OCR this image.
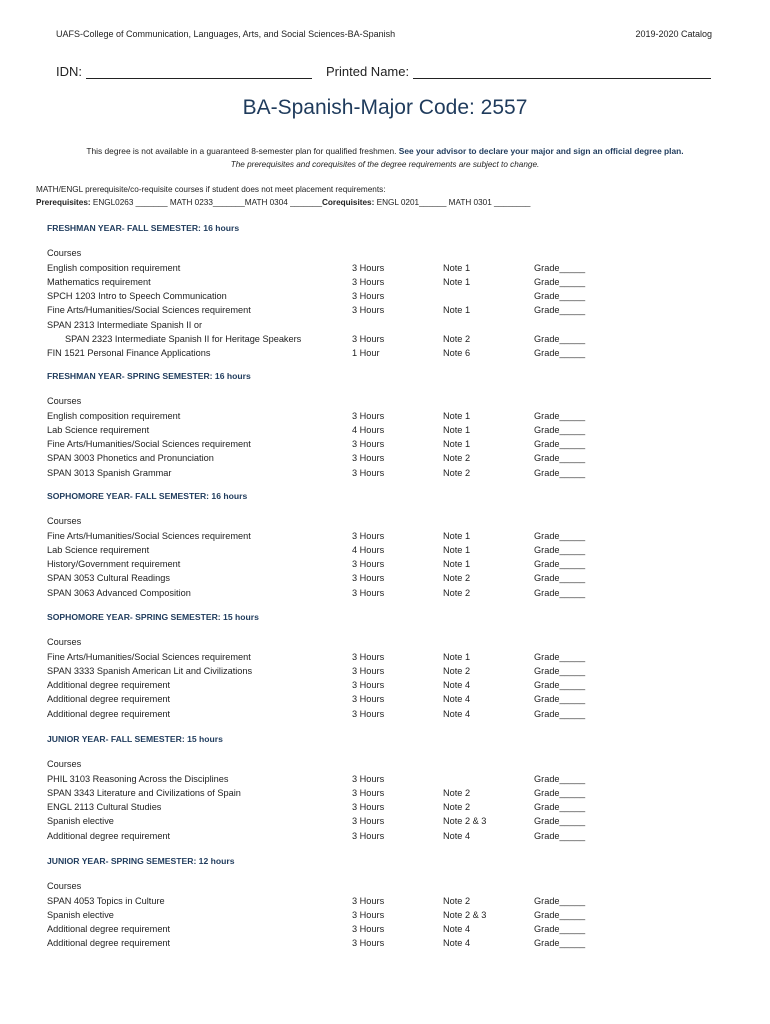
UAFS-College of Communication, Languages, Arts, and Social Sciences-BA-Spanish	2019-2020 Catalog
IDN:	Printed Name:
BA-Spanish-Major Code: 2557
This degree is not available in a guaranteed 8-semester plan for qualified freshmen. See your advisor to declare your major and sign an official degree plan.
The prerequisites and corequisites of the degree requirements are subject to change.
MATH/ENGL prerequisite/co-requisite courses if student does not meet placement requirements:
Prerequisites: ENGL0263 _______ MATH 0233_______MATH 0304 _______Corequisites: ENGL 0201______ MATH 0301 ________
FRESHMAN YEAR- FALL SEMESTER: 16 hours
Courses
English composition requirement	3 Hours	Note 1	Grade_____
Mathematics requirement	3 Hours	Note 1	Grade_____
SPCH 1203 Intro to Speech Communication	3 Hours	Grade_____
Fine Arts/Humanities/Social Sciences requirement	3 Hours	Note 1	Grade_____
SPAN 2313 Intermediate Spanish II or
SPAN 2323 Intermediate Spanish II for Heritage Speakers	3 Hours	Note 2	Grade_____
FIN 1521 Personal Finance Applications	1 Hour	Note 6	Grade_____
FRESHMAN YEAR- SPRING SEMESTER: 16 hours
Courses
English composition requirement	3 Hours	Note 1	Grade_____
Lab Science requirement	4 Hours	Note 1	Grade_____
Fine Arts/Humanities/Social Sciences requirement	3 Hours	Note 1	Grade_____
SPAN 3003 Phonetics and Pronunciation	3 Hours	Note 2	Grade_____
SPAN 3013 Spanish Grammar	3 Hours	Note 2	Grade_____
SOPHOMORE YEAR- FALL SEMESTER: 16 hours
Courses
Fine Arts/Humanities/Social Sciences requirement	3 Hours	Note 1	Grade_____
Lab Science requirement	4 Hours	Note 1	Grade_____
History/Government requirement	3 Hours	Note 1	Grade_____
SPAN 3053 Cultural Readings	3 Hours	Note 2	Grade_____
SPAN 3063 Advanced Composition	3 Hours	Note 2	Grade_____
SOPHOMORE YEAR- SPRING SEMESTER: 15 hours
Courses
Fine Arts/Humanities/Social Sciences requirement	3 Hours	Note 1	Grade_____
SPAN 3333 Spanish American Lit and Civilizations	3 Hours	Note 2	Grade_____
Additional degree requirement	3 Hours	Note 4	Grade_____
Additional degree requirement	3 Hours	Note 4	Grade_____
Additional degree requirement	3 Hours	Note 4	Grade_____
JUNIOR YEAR- FALL SEMESTER: 15 hours
Courses
PHIL 3103 Reasoning Across the Disciplines	3 Hours	Grade_____
SPAN 3343 Literature and Civilizations of Spain	3 Hours	Note 2	Grade_____
ENGL 2113 Cultural Studies	3 Hours	Note 2	Grade_____
Spanish elective	3 Hours	Note 2 & 3	Grade_____
Additional degree requirement	3 Hours	Note 4	Grade_____
JUNIOR YEAR- SPRING SEMESTER: 12 hours
Courses
SPAN 4053 Topics in Culture	3 Hours	Note 2	Grade_____
Spanish elective	3 Hours	Note 2 & 3	Grade_____
Additional degree requirement	3 Hours	Note 4	Grade_____
Additional degree requirement	3 Hours	Note 4	Grade_____
